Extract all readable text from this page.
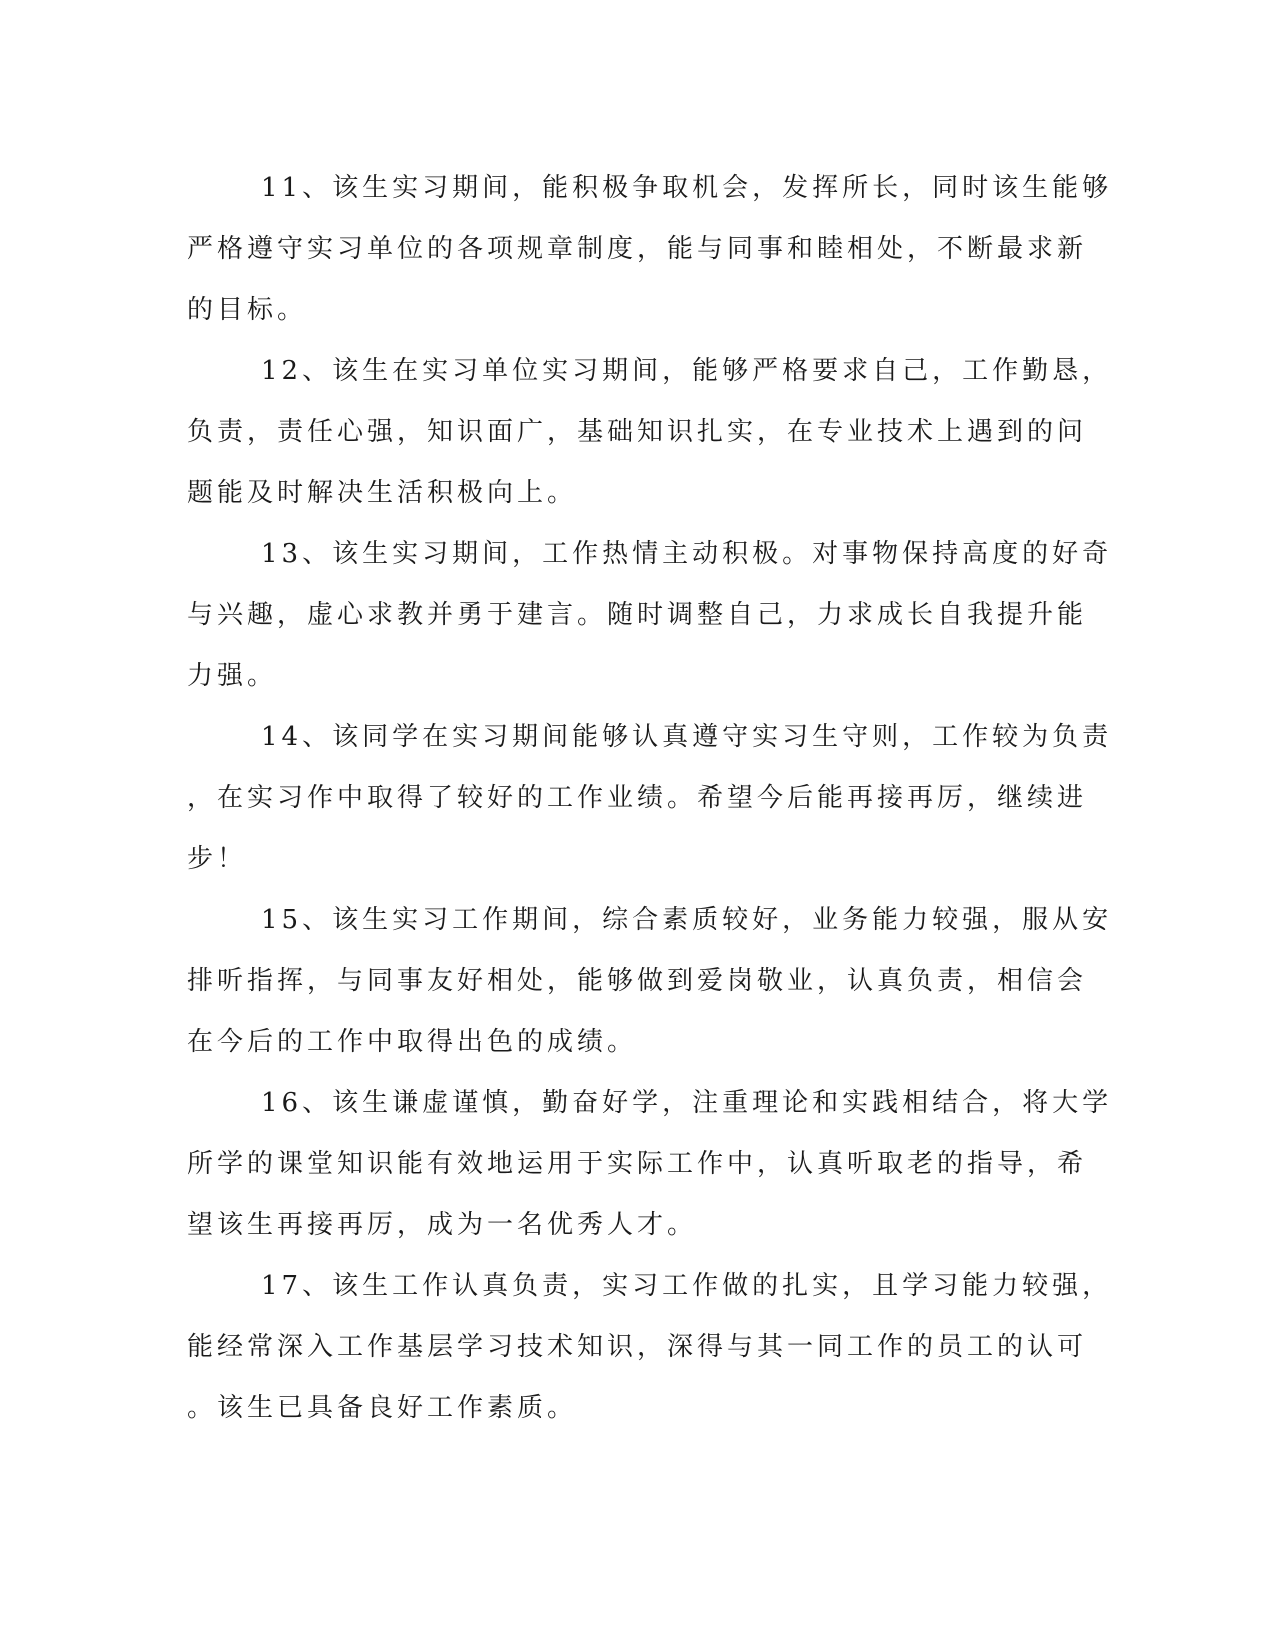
11、该生实习期间，能积极争取机会，发挥所长，同时该生能够
严格遵守实习单位的各项规章制度，能与同事和睦相处，不断最求新
的目标。
12、该生在实习单位实习期间，能够严格要求自己，工作勤恳，
负责，责任心强，知识面广，基础知识扎实，在专业技术上遇到的问
题能及时解决生活积极向上。
13、该生实习期间，工作热情主动积极。对事物保持高度的好奇
与兴趣，虚心求教并勇于建言。随时调整自己，力求成长自我提升能
力强。
14、该同学在实习期间能够认真遵守实习生守则，工作较为负责
，在实习作中取得了较好的工作业绩。希望今后能再接再厉，继续进
步！
15、该生实习工作期间，综合素质较好，业务能力较强，服从安
排听指挥，与同事友好相处，能够做到爱岗敬业，认真负责，相信会
在今后的工作中取得出色的成绩。
16、该生谦虚谨慎，勤奋好学，注重理论和实践相结合，将大学
所学的课堂知识能有效地运用于实际工作中，认真听取老的指导，希
望该生再接再厉，成为一名优秀人才。
17、该生工作认真负责，实习工作做的扎实，且学习能力较强，
能经常深入工作基层学习技术知识，深得与其一同工作的员工的认可
。该生已具备良好工作素质。
